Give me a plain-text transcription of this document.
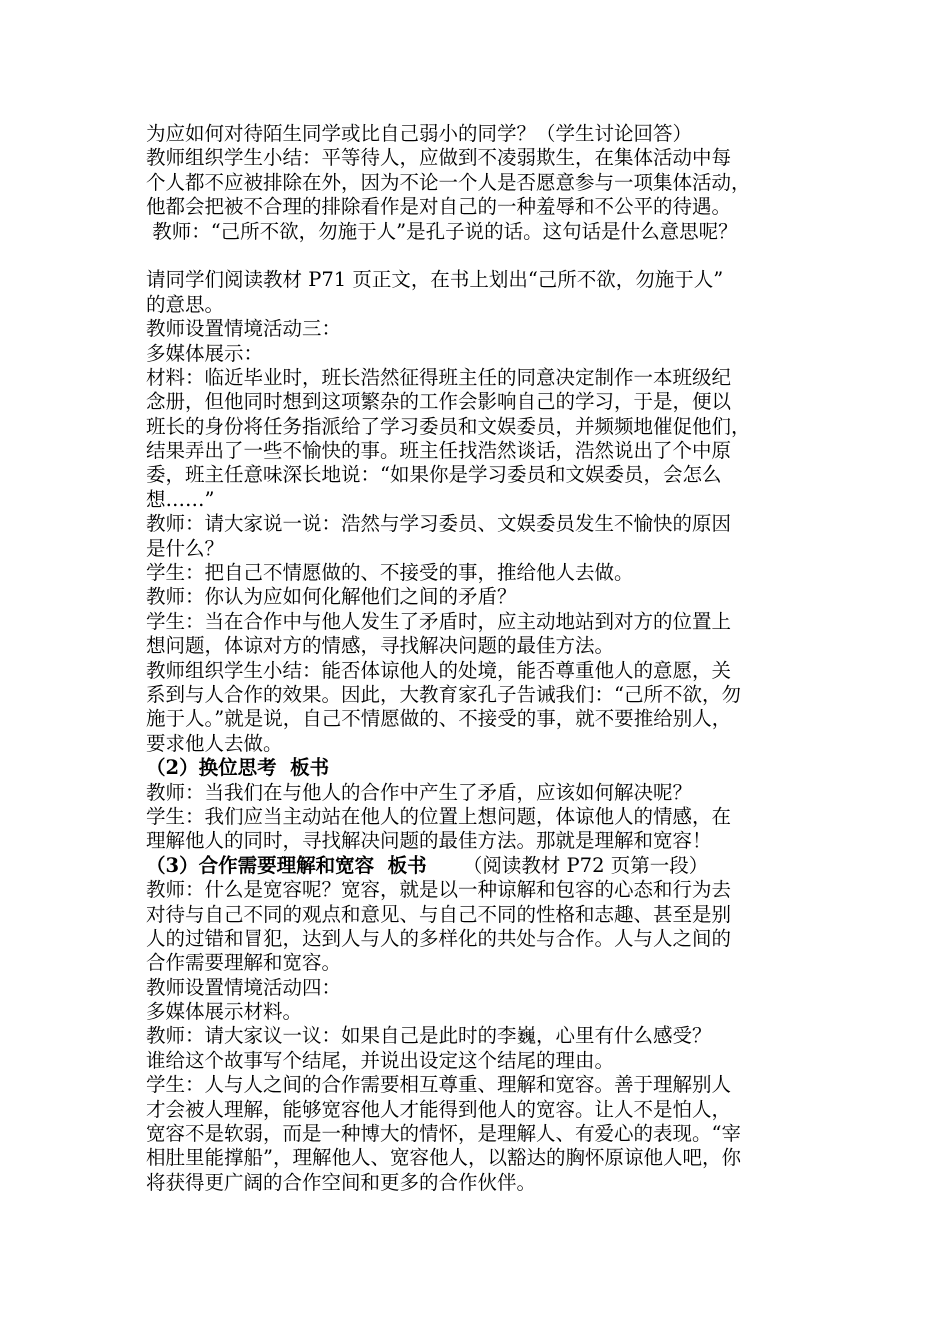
为应如何对待陌生同学或比自己弱小的同学？（学生讨论回答）
教师组织学生小结：平等待人，应做到不凌弱欺生，在集体活动中每
个人都不应被排除在外，因为不论一个人是否愿意参与一项集体活动，
他都会把被不合理的排除看作是对自己的一种羞辱和不公平的待遇。
教师：“己所不欲，勿施于人”是孔子说的话。这句话是什么意思呢？
请同学们阅读教材 P71 页正文，在书上划出“己所不欲，勿施于人”
的意思。
教师设置情境活动三：
多媒体展示：
材料：临近毕业时，班长浩然征得班主任的同意决定制作一本班级纪
念册，但他同时想到这项繁杂的工作会影响自己的学习，于是，便以
班长的身份将任务指派给了学习委员和文娱委员，并频频地催促他们，
结果弄出了一些不愉快的事。班主任找浩然谈话，浩然说出了个中原
委，班主任意味深长地说：“如果你是学习委员和文娱委员，会怎么
想……”
教师：请大家说一说：浩然与学习委员、文娱委员发生不愉快的原因
是什么？
学生：把自己不情愿做的、不接受的事，推给他人去做。
教师：你认为应如何化解他们之间的矛盾？
学生：当在合作中与他人发生了矛盾时，应主动地站到对方的位置上
想问题，体谅对方的情感，寻找解决问题的最佳方法。
教师组织学生小结：能否体谅他人的处境，能否尊重他人的意愿，关
系到与人合作的效果。因此，大教育家孔子告诫我们：“己所不欲，勿
施于人。”就是说，自己不情愿做的、不接受的事，就不要推给别人，
要求他人去做。
（2）换位思考  板书
教师：当我们在与他人的合作中产生了矛盾，应该如何解决呢？
学生：我们应当主动站在他人的位置上想问题，体谅他人的情感，在
理解他人的同时，寻找解决问题的最佳方法。那就是理解和宽容！
（3）合作需要理解和宽容  板书 （阅读教材 P72 页第一段）
教师：什么是宽容呢？宽容，就是以一种谅解和包容的心态和行为去
对待与自己不同的观点和意见、与自己不同的性格和志趣、甚至是别
人的过错和冒犯，达到人与人的多样化的共处与合作。人与人之间的
合作需要理解和宽容。
教师设置情境活动四：
多媒体展示材料。
教师：请大家议一议：如果自己是此时的李巍，心里有什么感受？
谁给这个故事写个结尾，并说出设定这个结尾的理由。
学生：人与人之间的合作需要相互尊重、理解和宽容。善于理解别人
才会被人理解，能够宽容他人才能得到他人的宽容。让人不是怕人，
宽容不是软弱，而是一种博大的情怀，是理解人、有爱心的表现。“宰
相肚里能撑船”，理解他人、宽容他人，以豁达的胸怀原谅他人吧，你
将获得更广阔的合作空间和更多的合作伙伴。
